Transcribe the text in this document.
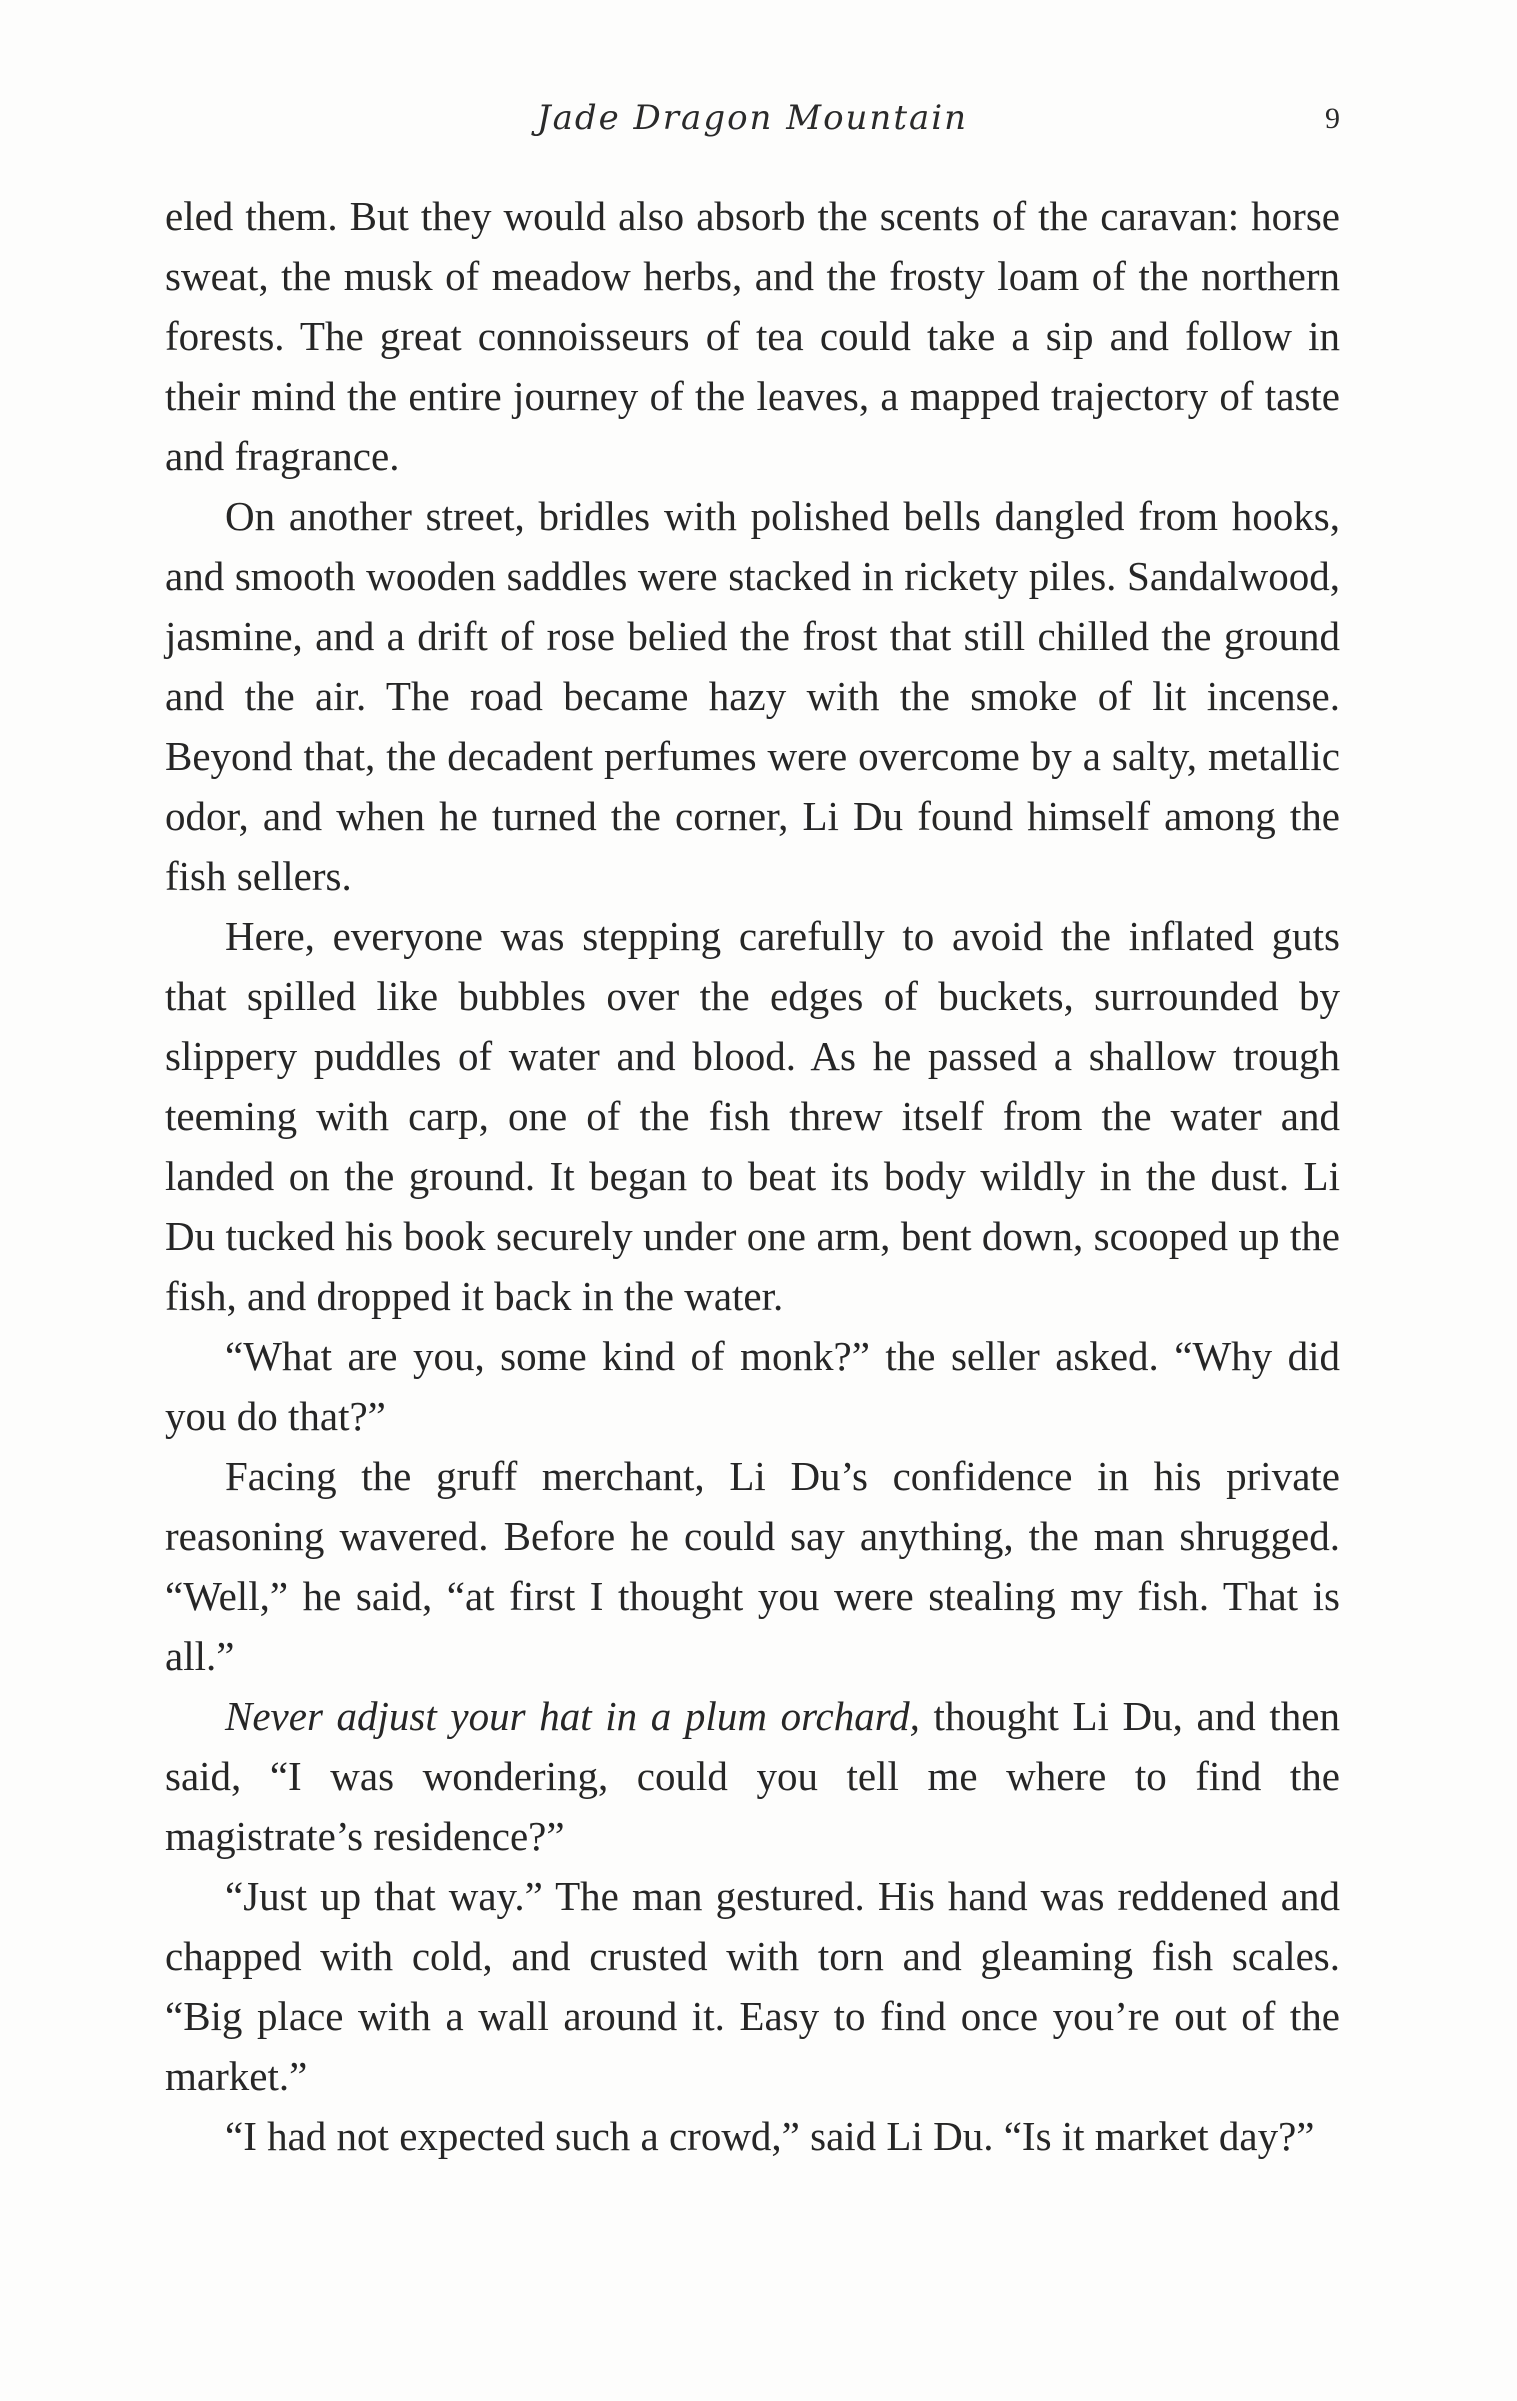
Jade Dragon Mountain	9

eled them. But they would also absorb the scents of the caravan: horse sweat, the musk of meadow herbs, and the frosty loam of the northern forests. The great connoisseurs of tea could take a sip and follow in their mind the entire journey of the leaves, a mapped trajectory of taste and fragrance.

On another street, bridles with polished bells dangled from hooks, and smooth wooden saddles were stacked in rickety piles. Sandalwood, jasmine, and a drift of rose belied the frost that still chilled the ground and the air. The road became hazy with the smoke of lit incense. Beyond that, the decadent perfumes were overcome by a salty, metallic odor, and when he turned the corner, Li Du found himself among the fish sellers.

Here, everyone was stepping carefully to avoid the inflated guts that spilled like bubbles over the edges of buckets, surrounded by slippery puddles of water and blood. As he passed a shallow trough teeming with carp, one of the fish threw itself from the water and landed on the ground. It began to beat its body wildly in the dust. Li Du tucked his book securely under one arm, bent down, scooped up the fish, and dropped it back in the water.

“What are you, some kind of monk?” the seller asked. “Why did you do that?”

Facing the gruff merchant, Li Du’s confidence in his private reasoning wavered. Before he could say anything, the man shrugged. “Well,” he said, “at first I thought you were stealing my fish. That is all.”

Never adjust your hat in a plum orchard, thought Li Du, and then said, “I was wondering, could you tell me where to find the magistrate’s residence?”

“Just up that way.” The man gestured. His hand was reddened and chapped with cold, and crusted with torn and gleaming fish scales. “Big place with a wall around it. Easy to find once you’re out of the market.”

“I had not expected such a crowd,” said Li Du. “Is it market day?”
